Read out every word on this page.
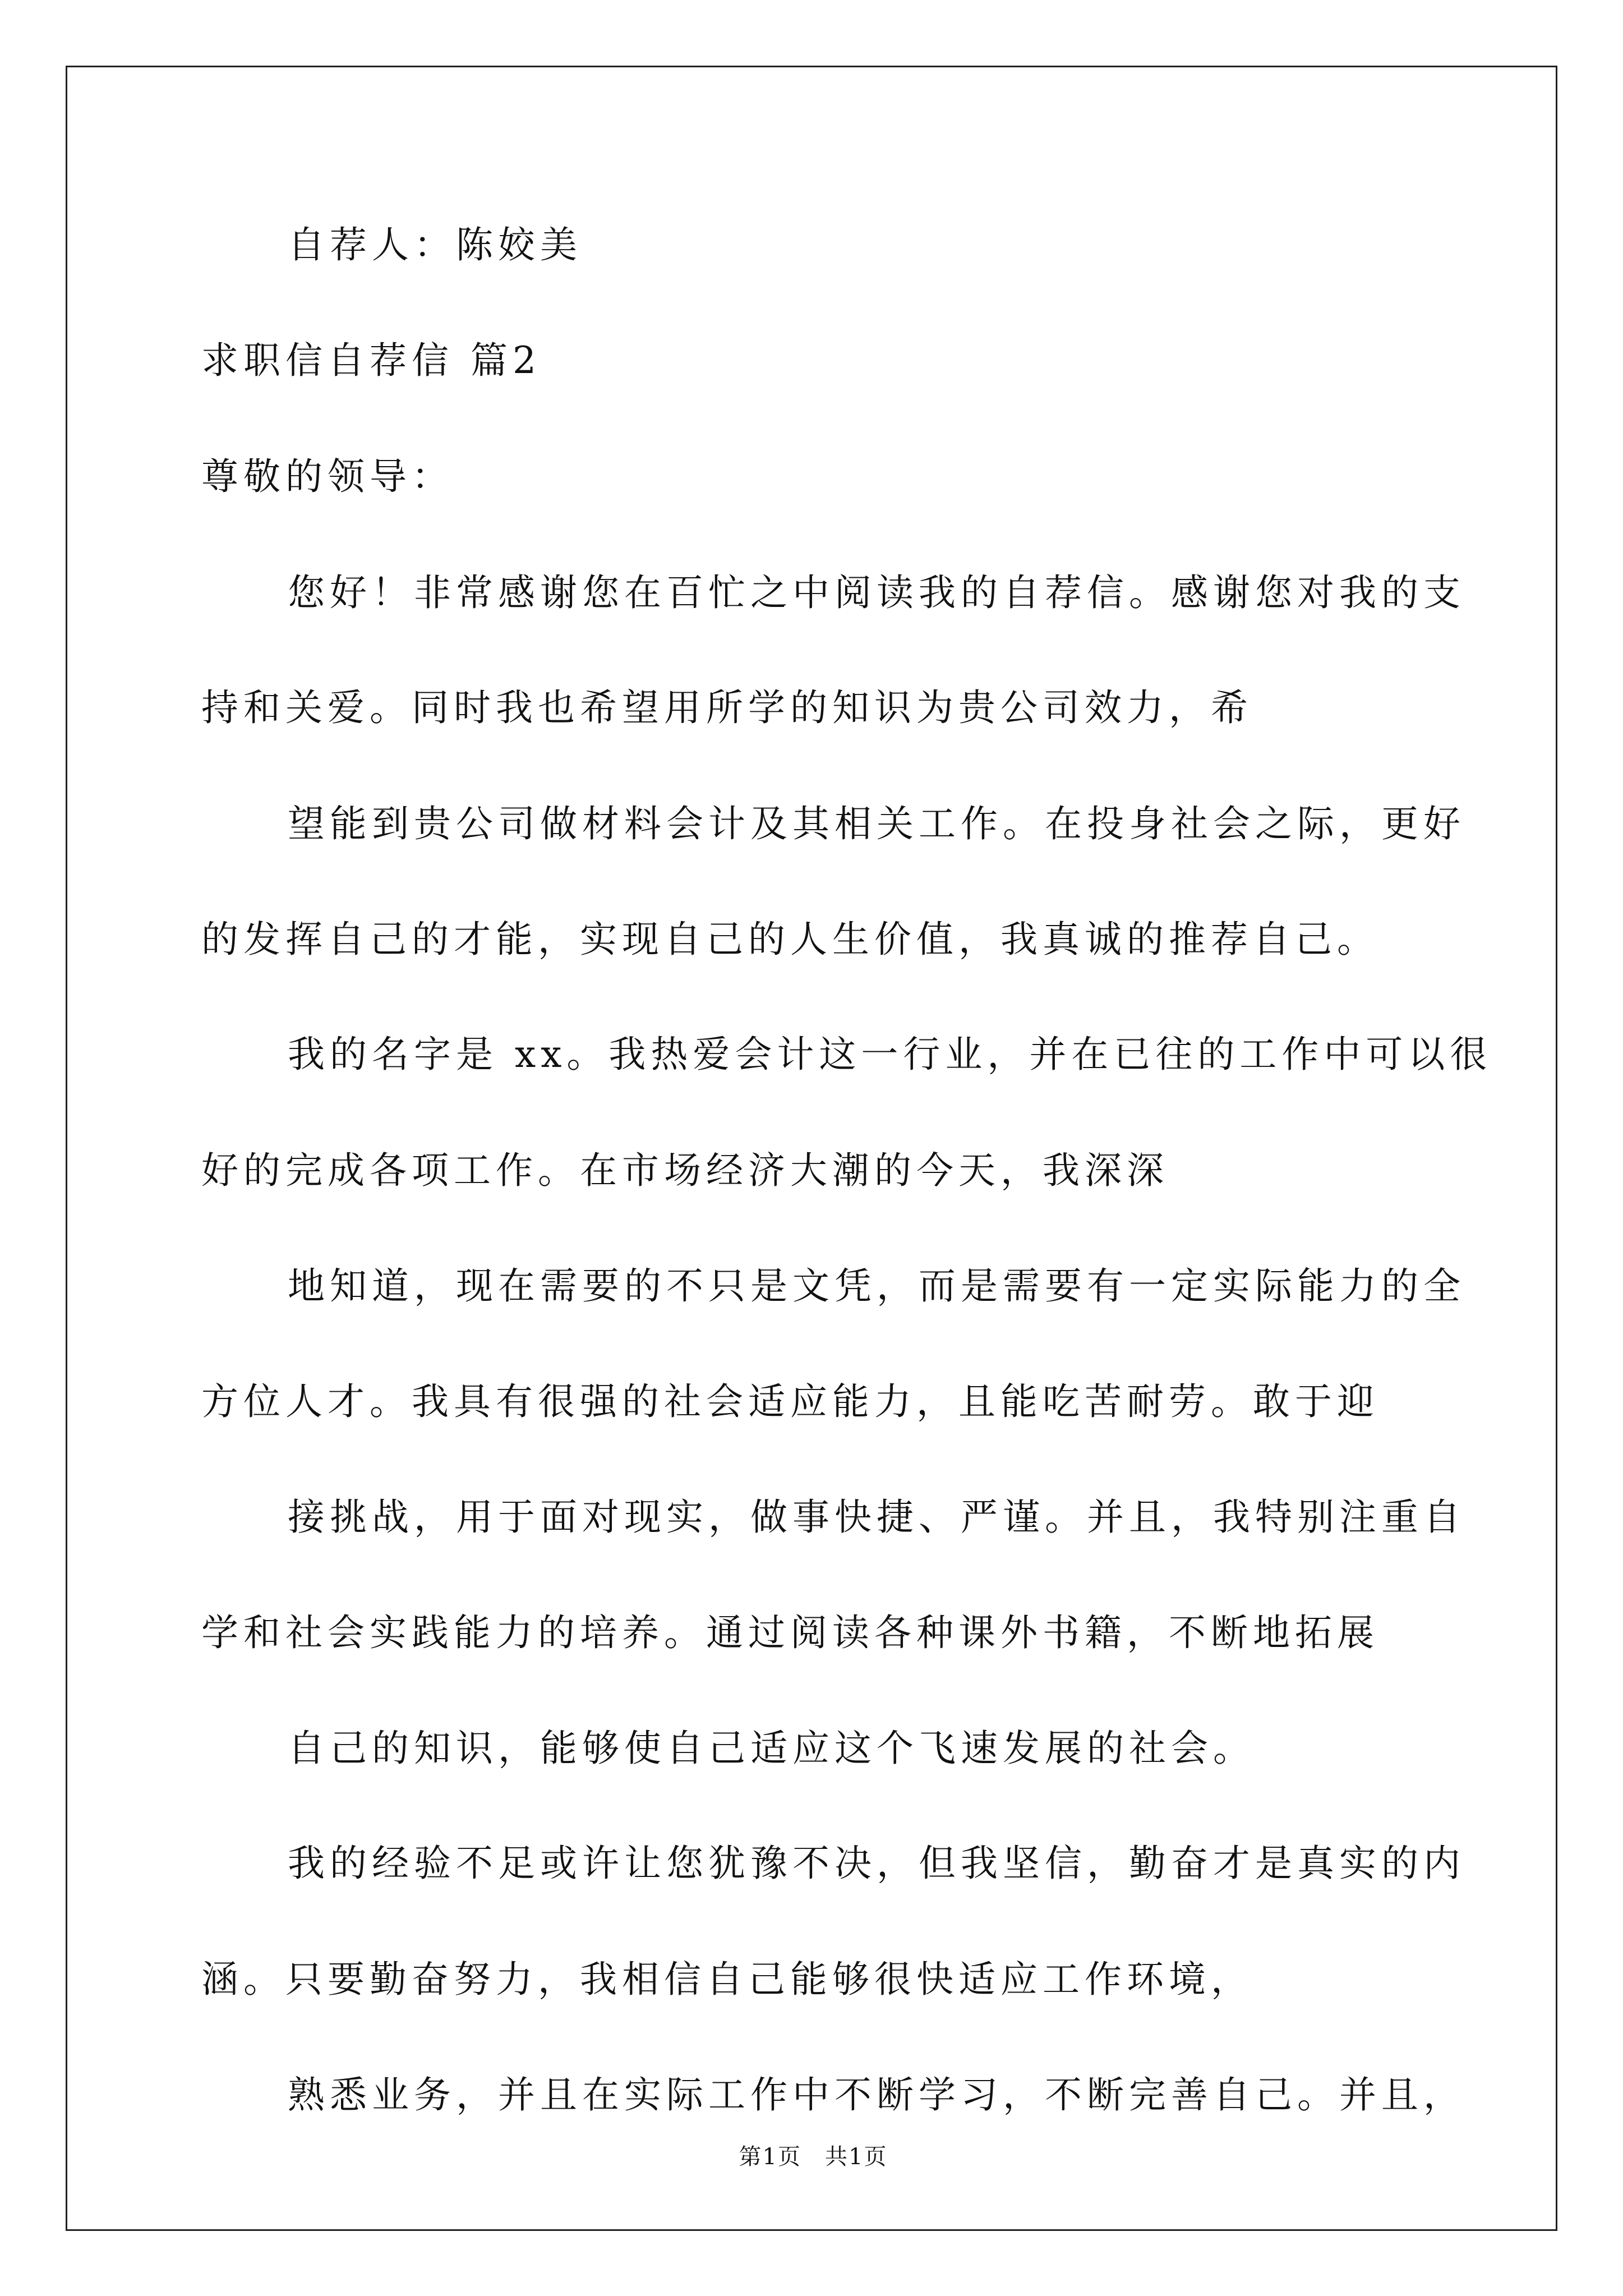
自荐人：陈姣美
求职信自荐信 篇2
尊敬的领导：
您好！非常感谢您在百忙之中阅读我的自荐信。感谢您对我的支
持和关爱。同时我也希望用所学的知识为贵公司效力，希
望能到贵公司做材料会计及其相关工作。在投身社会之际，更好
的发挥自己的才能，实现自己的人生价值，我真诚的推荐自己。
我的名字是 xx。我热爱会计这一行业，并在已往的工作中可以很
好的完成各项工作。在市场经济大潮的今天，我深深
地知道，现在需要的不只是文凭，而是需要有一定实际能力的全
方位人才。我具有很强的社会适应能力，且能吃苦耐劳。敢于迎
接挑战，用于面对现实，做事快捷、严谨。并且，我特别注重自
学和社会实践能力的培养。通过阅读各种课外书籍，不断地拓展
自己的知识，能够使自己适应这个飞速发展的社会。
我的经验不足或许让您犹豫不决，但我坚信，勤奋才是真实的内
涵。只要勤奋努力，我相信自己能够很快适应工作环境，
熟悉业务，并且在实际工作中不断学习，不断完善自己。并且，
第1页　共1页
